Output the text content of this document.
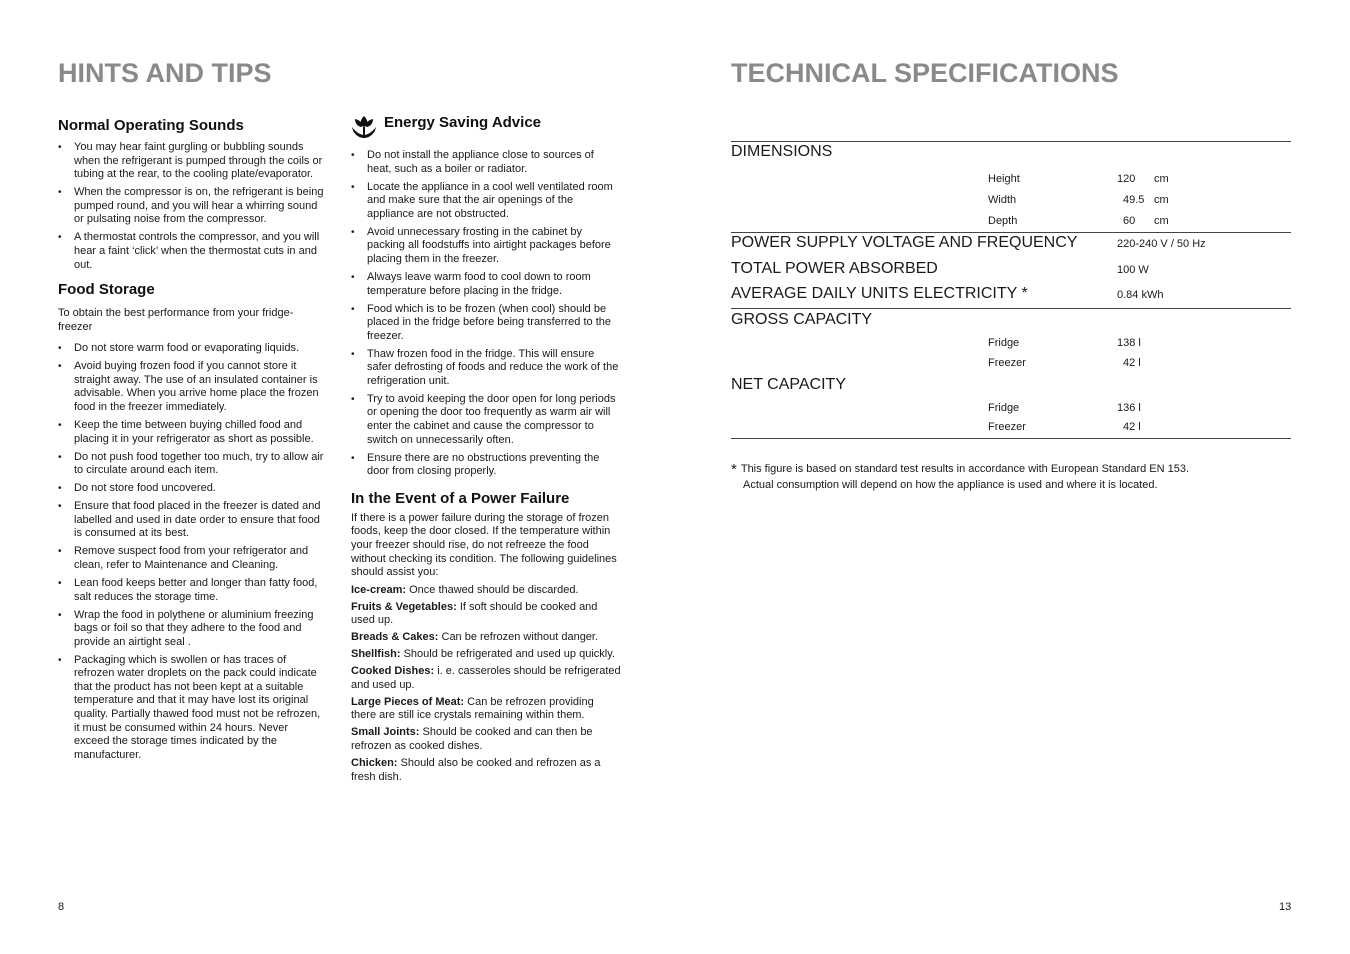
HINTS AND TIPS
Normal Operating Sounds
• You may hear faint gurgling or bubbling sounds when the refrigerant is pumped through the coils or tubing at the rear, to the cooling plate/evaporator.
• When the compressor is on, the refrigerant is being pumped round, and you will hear a whirring sound or pulsating noise from the compressor.
• A thermostat controls the compressor, and you will hear a faint ‘click’ when the thermostat cuts in and out.
Food Storage

To obtain the best performance from your fridge-freezer

• Do not store warm food or evaporating liquids.
• Avoid buying frozen food if you cannot store it straight away. The use of an insulated container is advisable. When you arrive home place the frozen food in the freezer immediately.
• Keep the time between buying chilled food and placing it in your refrigerator as short as possible.
• Do not push food together too much, try to allow air to circulate around each item.
• Do not store food uncovered.
• Ensure that food placed in the freezer is dated and labelled and used in date order to ensure that food is consumed at its best.
• Remove suspect food from your refrigerator and clean, refer to Maintenance and Cleaning.
• Lean food keeps better and longer than fatty food, salt reduces the storage time.
• Wrap the food in polythene or aluminium freezing bags or foil so that they adhere to the food and provide an airtight seal .
• Packaging which is swollen or has traces of refrozen water droplets on the pack could indicate that the product has not been kept at a suitable temperature and that it may have lost its original quality. Partially thawed food must not be refrozen, it must be consumed within 24 hours. Never exceed the storage times indicated by the manufacturer.
Energy Saving Advice
• Do not install the appliance close to sources of heat, such as a boiler or radiator.
• Locate the appliance in a cool well ventilated room and make sure that the air openings of the appliance are not obstructed.
• Avoid unnecessary frosting in the cabinet by packing all foodstuffs into airtight packages before placing them in the freezer.
• Always leave warm food to cool down to room temperature before placing in the fridge.
• Food which is to be frozen (when cool) should be placed in the fridge before being transferred to the freezer.
• Thaw frozen food in the fridge. This will ensure safer defrosting of foods and reduce the work of the refrigeration unit.
• Try to avoid keeping the door open for long periods or opening the door too frequently as warm air will enter the cabinet and cause the compressor to switch on unnecessarily often.
• Ensure there are no obstructions preventing the door from closing properly.
In the Event of a Power Failure

If there is a power failure during the storage of frozen foods, keep the door closed. If the temperature within your freezer should rise, do not refreeze the food without checking its condition. The following guidelines should assist you:

Ice-cream: Once thawed should be discarded.

Fruits & Vegetables: If soft should be cooked and used up.

Breads & Cakes: Can be refrozen without danger.

Shellfish: Should be refrigerated and used up quickly.

Cooked Dishes: i. e. casseroles should be refrigerated and used up.

Large Pieces of Meat: Can be refrozen providing there are still ice crystals remaining within them.

Small Joints: Should be cooked and can then be refrozen as cooked dishes.

Chicken: Should also be cooked and refrozen as a fresh dish.

8
TECHNICAL SPECIFICATIONS
DIMENSIONS
Height	120 cm
Width	49.5 cm
Depth	60 cm
POWER SUPPLY VOLTAGE AND FREQUENCY	220-240 V / 50 Hz
TOTAL POWER ABSORBED	100 W
AVERAGE DAILY UNITS ELECTRICITY *	0.84 kWh
GROSS CAPACITY
Fridge	138 l
Freezer	42 l
NET CAPACITY
Fridge	136 l
Freezer	42 l
* This figure is based on standard test results in accordance with European Standard EN 153.
Actual consumption will depend on how the appliance is used and where it is located.
13
